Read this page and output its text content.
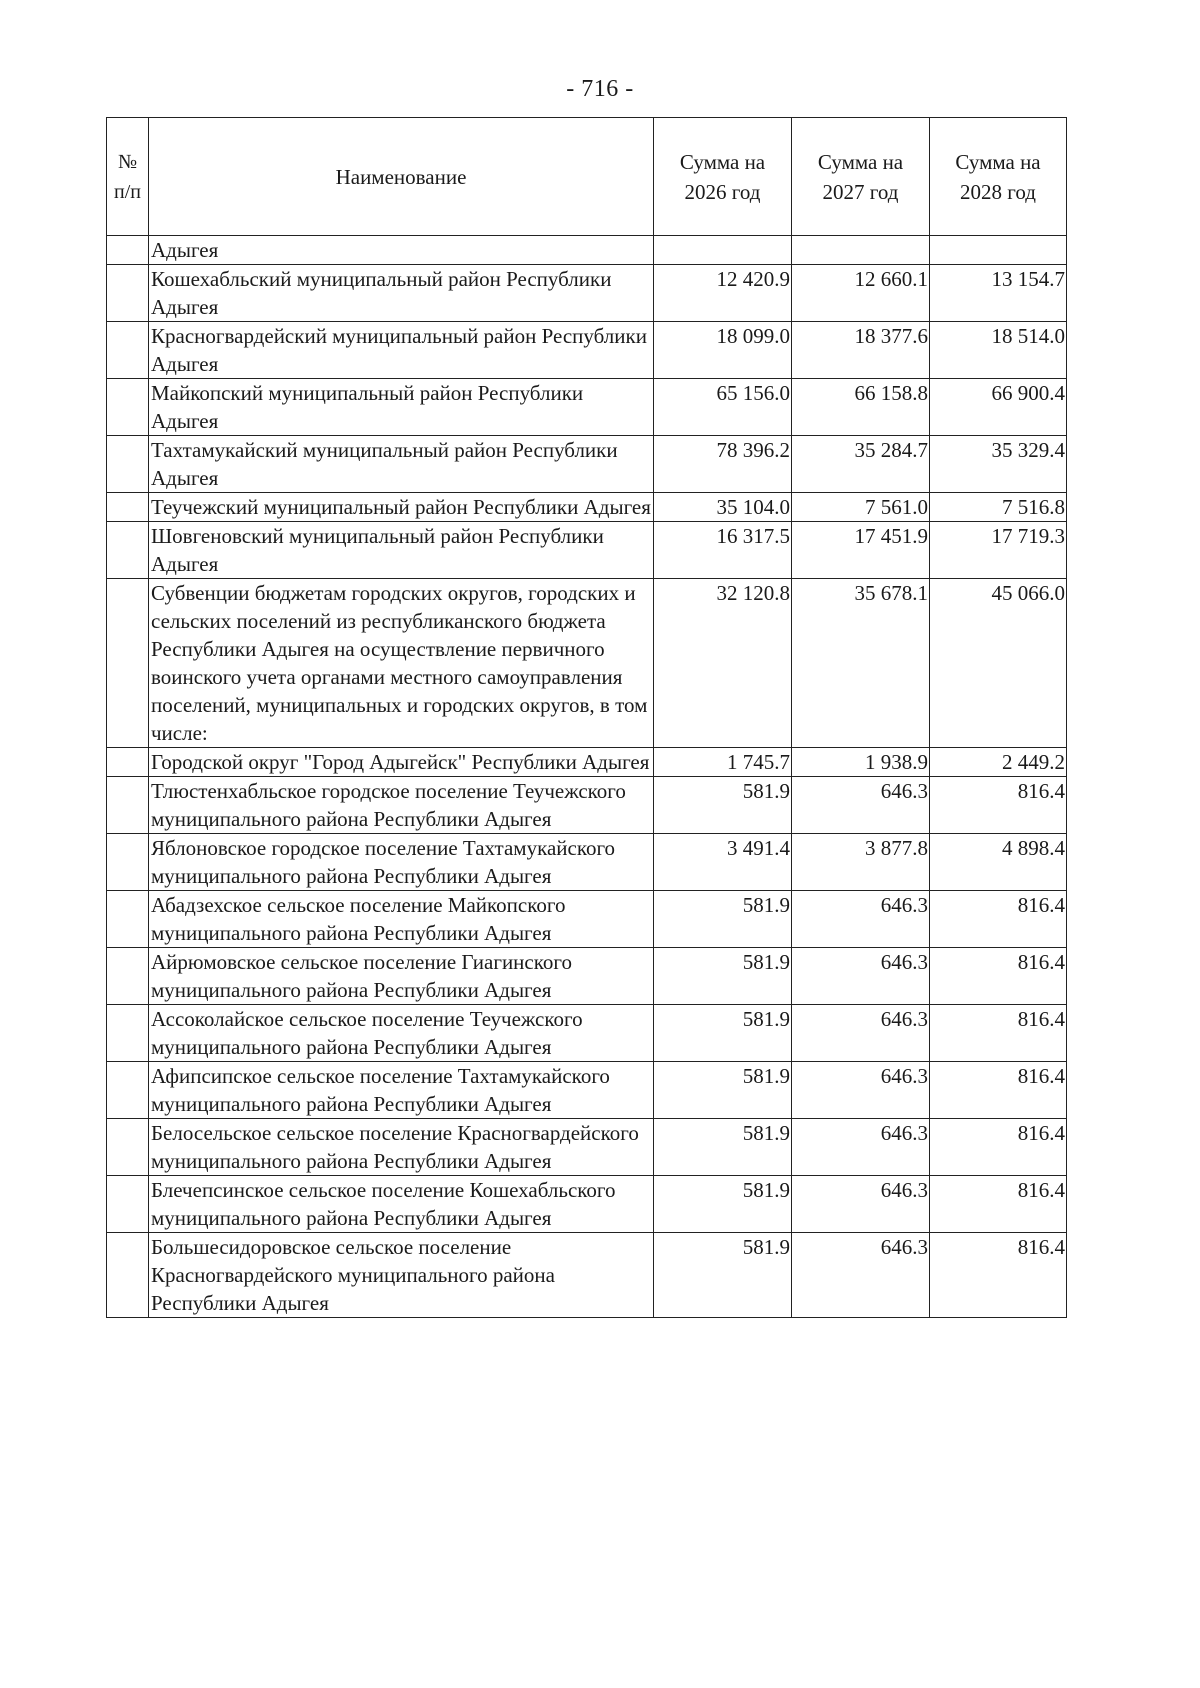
- 716 -
№ п/п	Наименование	Сумма на 2026 год	Сумма на 2027 год	Сумма на 2028 год
	Адыгея			
	Кошехабльский муниципальный район Республики Адыгея	12 420.9	12 660.1	13 154.7
	Красногвардейский муниципальный район Республики Адыгея	18 099.0	18 377.6	18 514.0
	Майкопский муниципальный район Республики Адыгея	65 156.0	66 158.8	66 900.4
	Тахтамукайский муниципальный район Республики Адыгея	78 396.2	35 284.7	35 329.4
	Теучежский муниципальный район Республики Адыгея	35 104.0	7 561.0	7 516.8
	Шовгеновский муниципальный район Республики Адыгея	16 317.5	17 451.9	17 719.3
	Субвенции бюджетам городских округов, городских и сельских поселений из республиканского бюджета Республики Адыгея на осуществление первичного воинского учета органами местного самоуправления поселений, муниципальных и городских округов, в том числе:	32 120.8	35 678.1	45 066.0
	Городской округ "Город Адыгейск" Республики Адыгея	1 745.7	1 938.9	2 449.2
	Тлюстенхабльское городское поселение Теучежского муниципального района Республики Адыгея	581.9	646.3	816.4
	Яблоновское городское поселение Тахтамукайского муниципального района Республики Адыгея	3 491.4	3 877.8	4 898.4
	Абадзехское сельское поселение Майкопского муниципального района Республики Адыгея	581.9	646.3	816.4
	Айрюмовское сельское поселение Гиагинского муниципального района Республики Адыгея	581.9	646.3	816.4
	Ассоколайское сельское поселение Теучежского муниципального района Республики Адыгея	581.9	646.3	816.4
	Афипсипское сельское поселение Тахтамукайского муниципального района Республики Адыгея	581.9	646.3	816.4
	Белосельское сельское поселение Красногвардейского муниципального района Республики Адыгея	581.9	646.3	816.4
	Блечепсинское сельское поселение Кошехабльского муниципального района Республики Адыгея	581.9	646.3	816.4
	Большесидоровское сельское поселение Красногвардейского муниципального района Республики Адыгея	581.9	646.3	816.4
